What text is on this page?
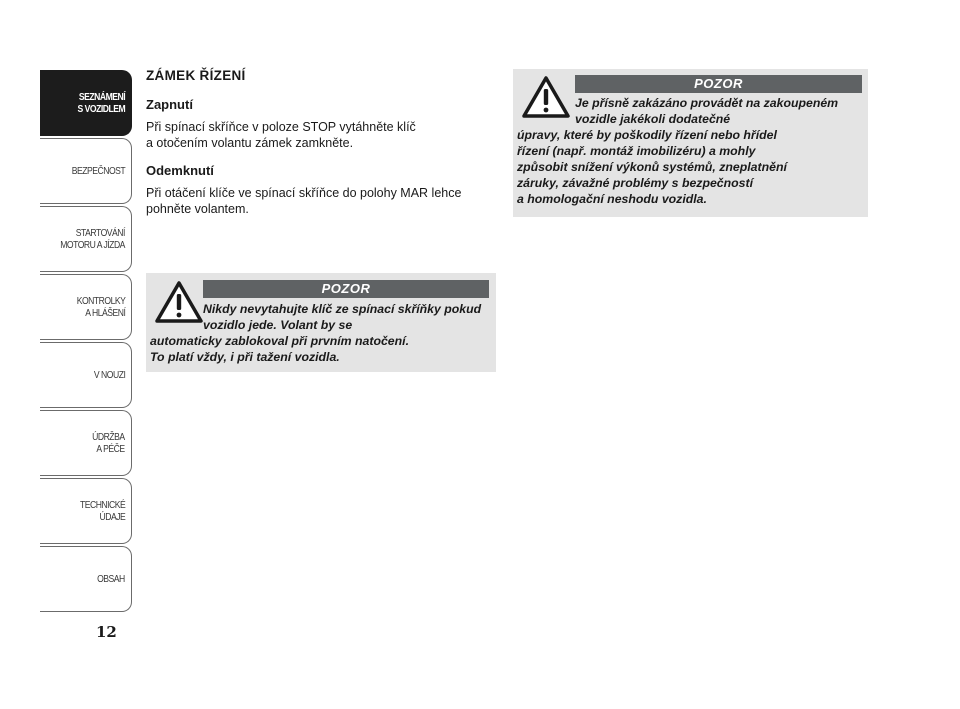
SEZNÁMENÍ
S VOZIDLEM
BEZPEČNOST
STARTOVÁNÍ
MOTORU A JÍZDA
KONTROLKY
A HLÁŠENÍ
V NOUZI
ÚDRŽBA
A PÉČE
TECHNICKÉ
ÚDAJE
OBSAH
12
ZÁMEK ŘÍZENÍ
Zapnutí
Při spínací skříňce v poloze STOP vytáhněte klíč
a otočením volantu zámek zamkněte.
Odemknutí
Při otáčení klíče ve spínací skříňce do polohy MAR lehce
pohněte volantem.
POZOR
Nikdy nevytahujte klíč ze spínací skříňky pokud vozidlo jede. Volant by se
automaticky zablokoval při prvním natočení.
To platí vždy, i při tažení vozidla.
POZOR
Je přísně zakázáno provádět na zakoupeném vozidle jakékoli dodatečné
úpravy, které by poškodily řízení nebo hřídel
řízení (např. montáž imobilizéru) a mohly
způsobit snížení výkonů systémů, zneplatnění
záruky, závažné problémy s bezpečností
a homologační neshodu vozidla.
